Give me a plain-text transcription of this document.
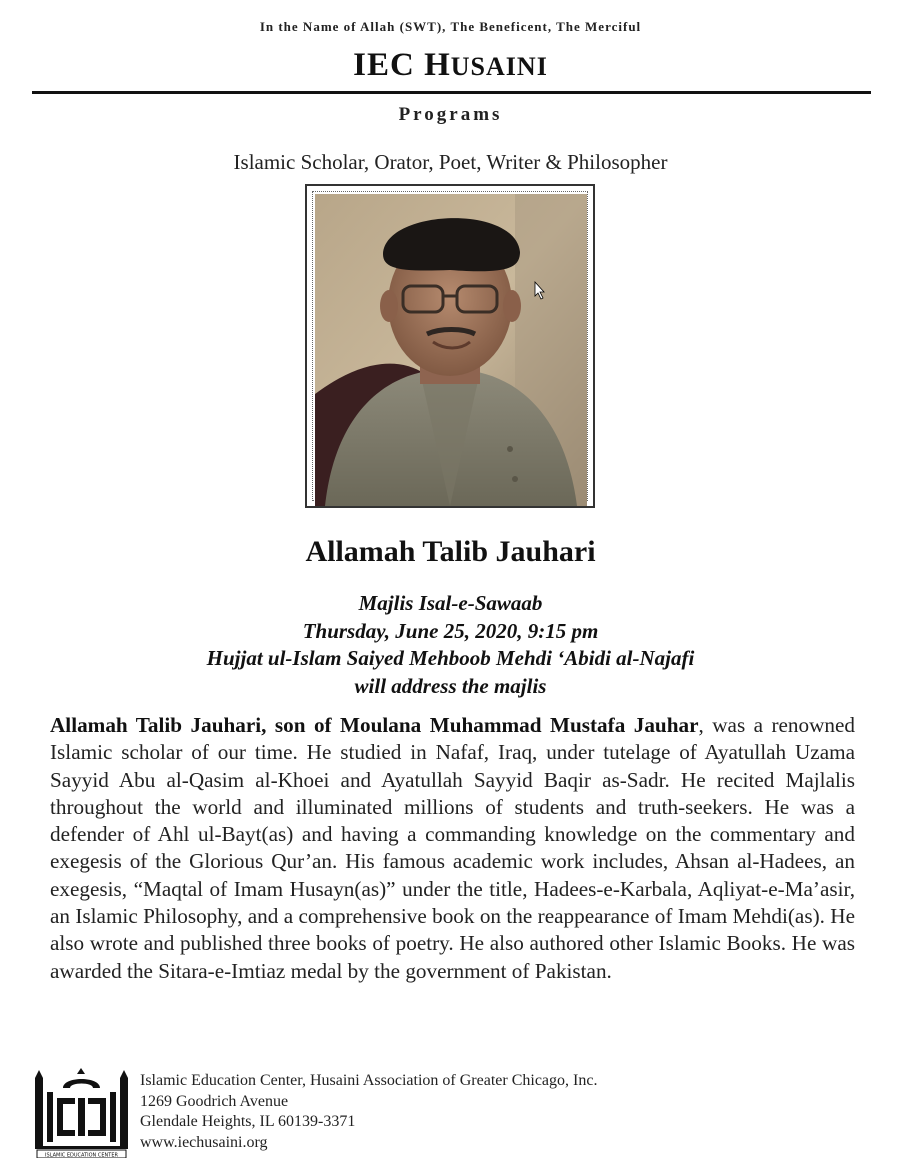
In the Name of Allah (SWT), The Beneficent, The Merciful
IEC HUSAINI
Programs
Islamic Scholar, Orator, Poet, Writer & Philosopher
Allamah Talib Jauhari
Majlis Isal-e-Sawaab
Thursday, June 25, 2020, 9:15 pm
Hujjat ul-Islam Saiyed Mehboob Mehdi ‘Abidi al-Najafi
will address the majlis
Allamah Talib Jauhari, son of Moulana Muhammad Mustafa Jauhar, was a renowned Islamic scholar of our time. He studied in Nafaf, Iraq, under tutelage of Ayatullah Uzama Sayyid Abu al-Qasim al-Khoei and Ayatullah Sayyid Baqir as-Sadr. He recited Majlalis throughout the world and illuminated millions of students and truth-seekers. He was a defender of Ahl ul-Bayt(as) and having a commanding knowledge on the commentary and exegesis of the Glorious Qur’an. His famous academic work includes, Ahsan al-Hadees, an exegesis, “Maqtal of Imam Husayn(as)” under the title, Hadees-e-Karbala, Aqliyat-e-Ma’asir, an Islamic Philosophy, and a comprehensive book on the reappearance of Imam Mehdi(as). He also wrote and published three books of poetry. He also authored other Islamic Books. He was awarded the Sitara-e-Imtiaz medal by the government of Pakistan.
ISLAMIC EDUCATION CENTER
Islamic Education Center, Husaini Association of Greater Chicago, Inc.
1269 Goodrich Avenue
Glendale Heights, IL 60139-3371
www.iechusaini.org
